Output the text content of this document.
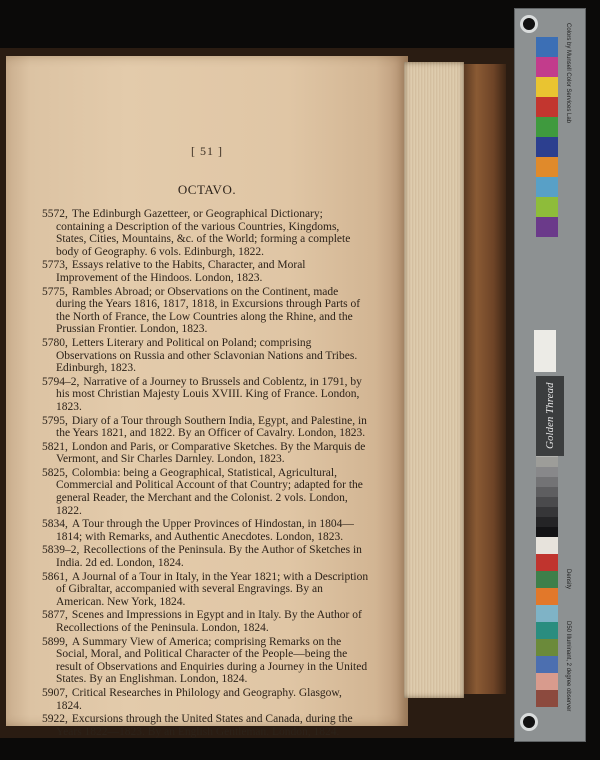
[ 51 ]
OCTAVO.
5572, The Edinburgh Gazetteer, or Geographical Dictionary; containing a Description of the various Countries, Kingdoms, States, Cities, Mountains, &c. of the World; forming a complete body of Geography. 6 vols. Edinburgh, 1822.
5773, Essays relative to the Habits, Character, and Moral Improvement of the Hindoos. London, 1823.
5775, Rambles Abroad; or Observations on the Continent, made during the Years 1816, 1817, 1818, in Excursions through Parts of the North of France, the Low Countries along the Rhine, and the Prussian Frontier. London, 1823.
5780, Letters Literary and Political on Poland; comprising Observations on Russia and other Sclavonian Nations and Tribes. Edinburgh, 1823.
5794–2, Narrative of a Journey to Brussels and Coblentz, in 1791, by his most Christian Majesty Louis XVIII. King of France. London, 1823.
5795, Diary of a Tour through Southern India, Egypt, and Palestine, in the Years 1821, and 1822. By an Officer of Cavalry. London, 1823.
5821, London and Paris, or Comparative Sketches. By the Marquis de Vermont, and Sir Charles Darnley. London, 1823.
5825, Colombia: being a Geographical, Statistical, Agricultural, Commercial and Political Account of that Country; adapted for the general Reader, the Merchant and the Colonist. 2 vols. London, 1822.
5834, A Tour through the Upper Provinces of Hindostan, in 1804—1814; with Remarks, and Authentic Anecdotes. London, 1823.
5839–2, Recollections of the Peninsula. By the Author of Sketches in India. 2d ed. London, 1824.
5861, A Journal of a Tour in Italy, in the Year 1821; with a Description of Gibraltar, accompanied with several Engravings. By an American. New York, 1824.
5877, Scenes and Impressions in Egypt and in Italy. By the Author of Recollections of the Peninsula. London, 1824.
5899, A Summary View of America; comprising Remarks on the Social, Moral, and Political Character of the People—being the result of Observations and Enquiries during a Journey in the United States. By an Englishman. London, 1824.
5907, Critical Researches in Philology and Geography. Glasgow, 1824.
5922, Excursions through the United States and Canada, during the Years 1822—1823. By an English Gentleman. London, 1824.
Colors by Munsell Color Services Lab
Density
D50 Illuminant, 2 degree observer
Golden Thread
